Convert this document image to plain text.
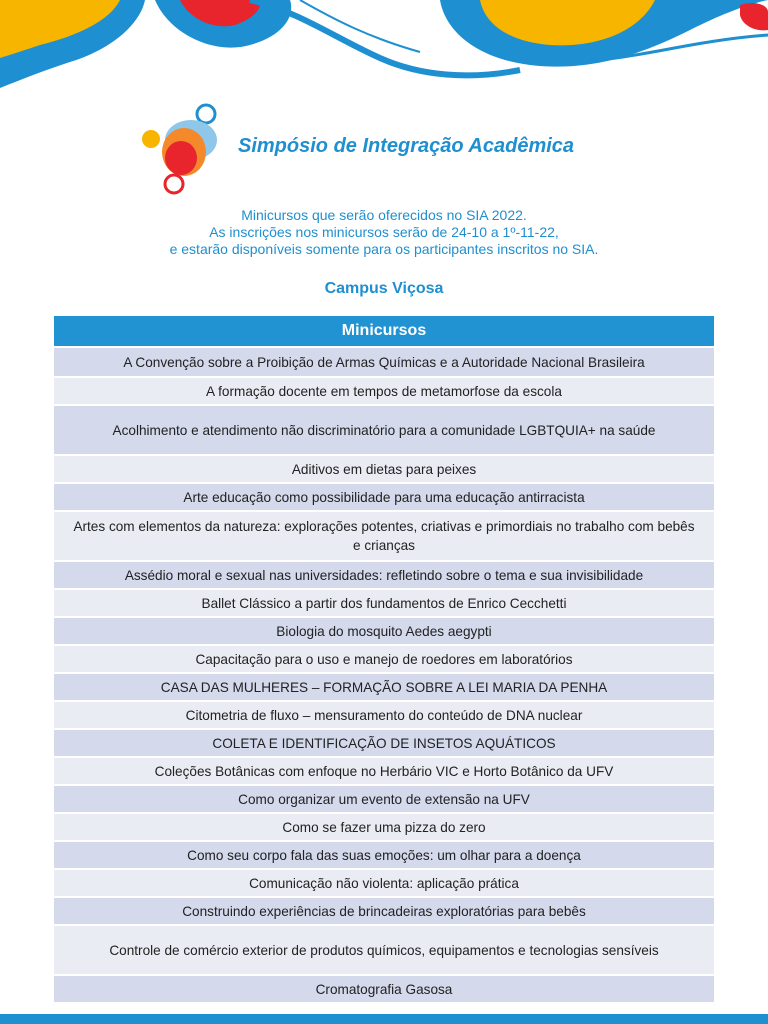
Simpósio de Integração Acadêmica
Minicursos que serão oferecidos no SIA 2022.
As inscrições nos minicursos serão de 24-10 a 1º-11-22,
e estarão disponíveis somente para os participantes inscritos no SIA.
Campus Viçosa
Minicursos
A Convenção sobre a Proibição de Armas Químicas e a Autoridade Nacional Brasileira
A formação docente em tempos de metamorfose da escola
Acolhimento e atendimento não discriminatório para a comunidade LGBTQUIA+ na saúde
Aditivos em dietas para peixes
Arte educação como possibilidade para uma educação antirracista
Artes com elementos da natureza: explorações potentes, criativas e primordiais no trabalho com bebês e crianças
Assédio moral e sexual nas universidades: refletindo sobre o tema e sua invisibilidade
Ballet Clássico a partir dos fundamentos de Enrico Cecchetti
Biologia do mosquito Aedes aegypti
Capacitação para o uso e manejo de roedores em laboratórios
CASA DAS MULHERES – FORMAÇÃO SOBRE A LEI MARIA DA PENHA
Citometria de fluxo – mensuramento do conteúdo de DNA nuclear
COLETA E IDENTIFICAÇÃO DE INSETOS AQUÁTICOS
Coleções Botânicas com enfoque no Herbário VIC e Horto Botânico da UFV
Como organizar um evento de extensão na UFV
Como se fazer uma pizza do zero
Como seu corpo fala das suas emoções: um olhar para a doença
Comunicação não violenta: aplicação prática
Construindo experiências de brincadeiras exploratórias para bebês
Controle de comércio exterior de produtos químicos, equipamentos e tecnologias sensíveis
Cromatografia Gasosa
